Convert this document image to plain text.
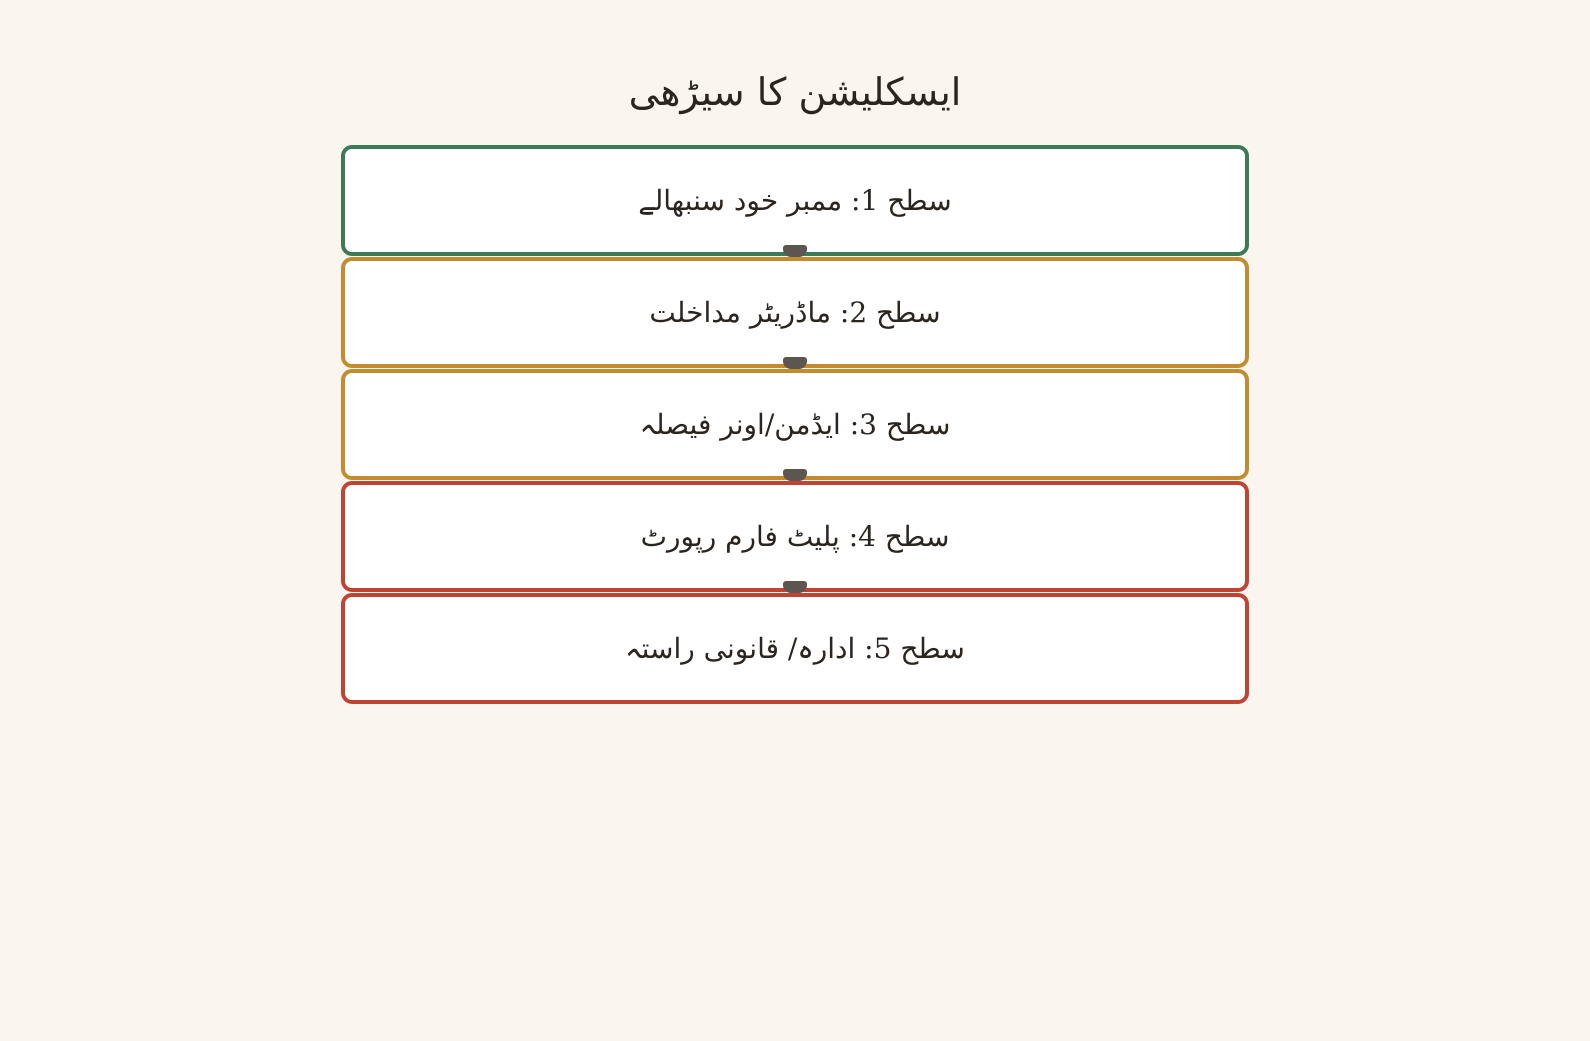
ایسکلیشن کا سیڑھی
سطح 1: ممبر خود سنبھالے
سطح 2: ماڈریٹر مداخلت
سطح 3: ایڈمن/اونر فیصلہ
سطح 4: پلیٹ فارم رپورٹ
سطح 5: ادارہ/ قانونی راستہ
